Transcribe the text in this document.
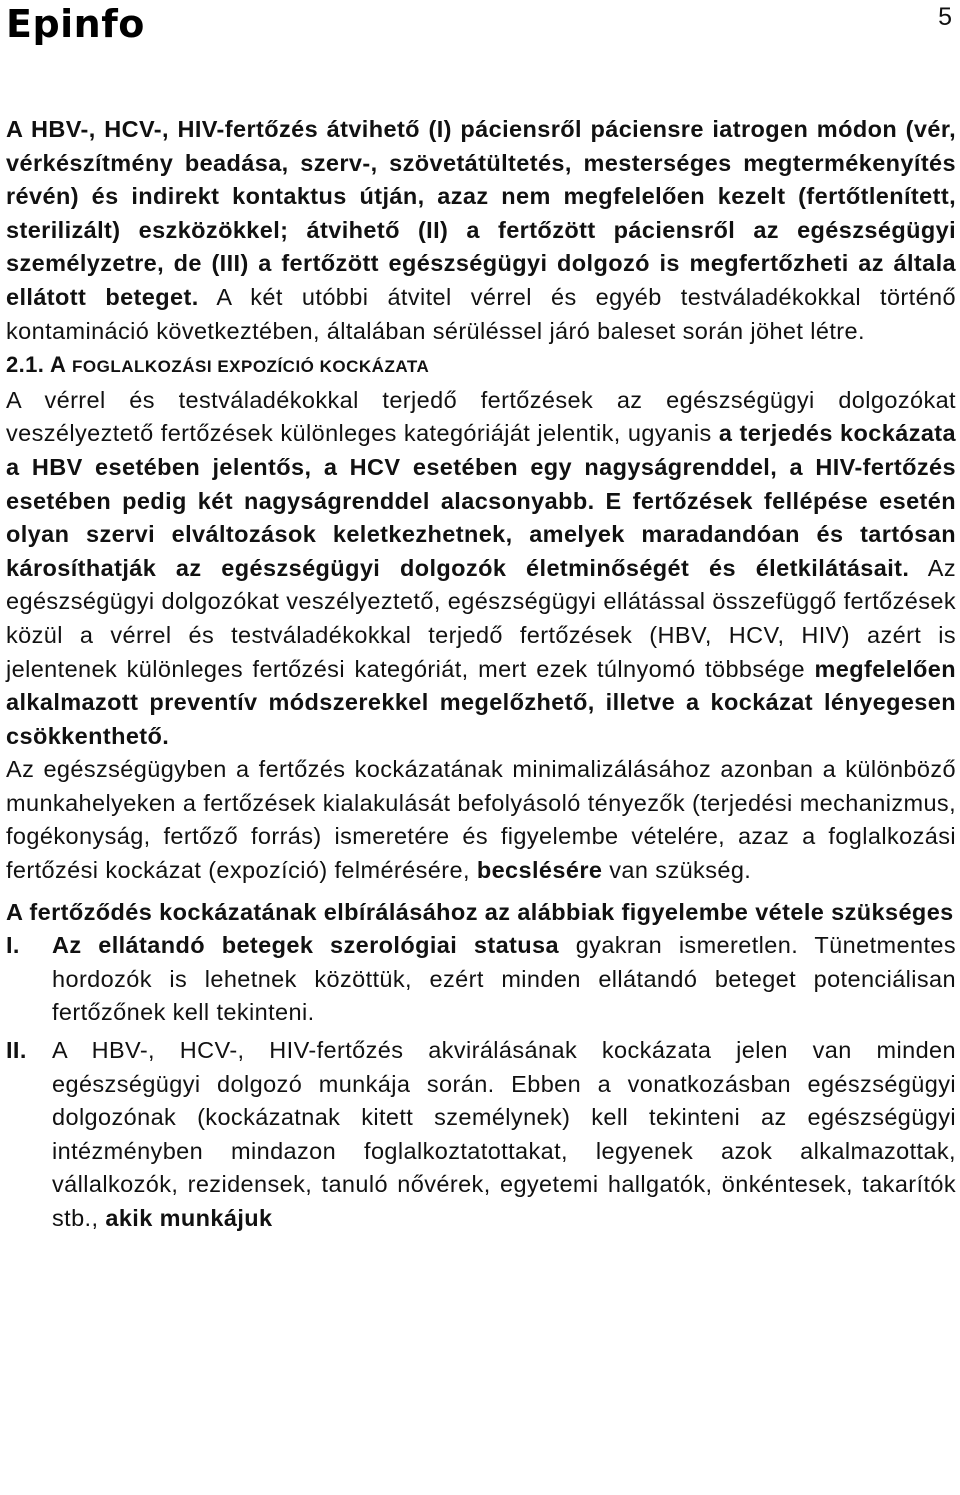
Epinfo	5

A HBV-, HCV-, HIV-fertőzés átvihető (I) páciensről páciensre iatrogen módon (vér, vérkészítmény beadása, szerv-, szövetátültetés, mesterséges megtermékenyítés révén) és indirekt kontaktus útján, azaz nem megfelelően kezelt (fertőtlenített, sterilizált) eszközökkel; átvihető (II) a fertőzött páciensről az egészségügyi személyzetre, de (III) a fertőzött egészségügyi dolgozó is megfertőzheti az általa ellátott beteget. A két utóbbi átvitel vérrel és egyéb testváladékokkal történő kontamináció következtében, általában sérüléssel járó baleset során jöhet létre.

2.1. A FOGLALKOZÁSI EXPOZÍCIÓ KOCKÁZATA

A vérrel és testváladékokkal terjedő fertőzések az egészségügyi dolgozókat veszélyeztető fertőzések különleges kategóriáját jelentik, ugyanis a terjedés kockázata a HBV esetében jelentős, a HCV esetében egy nagyságrenddel, a HIV-fertőzés esetében pedig két nagyságrenddel alacsonyabb. E fertőzések fellépése esetén olyan szervi elváltozások keletkezhetnek, amelyek maradandóan és tartósan károsíthatják az egészségügyi dolgozók életminőségét és életkilátásait. Az egészségügyi dolgozókat veszélyeztető, egészségügyi ellátással összefüggő fertőzések közül a vérrel és testváladékokkal terjedő fertőzések (HBV, HCV, HIV) azért is jelentenek különleges fertőzési kategóriát, mert ezek túlnyomó többsége megfelelően alkalmazott preventív módszerekkel megelőzhető, illetve a kockázat lényegesen csökkenthető.

Az egészségügyben a fertőzés kockázatának minimalizálásához azonban a különböző munkahelyeken a fertőzések kialakulását befolyásoló tényezők (terjedési mechanizmus, fogékonyság, fertőző forrás) ismeretére és figyelembe vételére, azaz a foglalkozási fertőzési kockázat (expozíció) felmérésére, becslésére van szükség.

A fertőződés kockázatának elbírálásához az alábbiak figyelembe vétele szükséges

I.	Az ellátandó betegek szerológiai statusa gyakran ismeretlen. Tünetmentes hordozók is lehetnek közöttük, ezért minden ellátandó beteget potenciálisan fertőzőnek kell tekinteni.
II.	A HBV-, HCV-, HIV-fertőzés akvirálásának kockázata jelen van minden egészségügyi dolgozó munkája során. Ebben a vonatkozásban egészségügyi dolgozónak (kockázatnak kitett személynek) kell tekinteni az egészségügyi intézményben mindazon foglalkoztatottakat, legyenek azok alkalmazottak, vállalkozók, rezidensek, tanuló nővérek, egyetemi hallgatók, önkéntesek, takarítók stb., akik munkájuk
